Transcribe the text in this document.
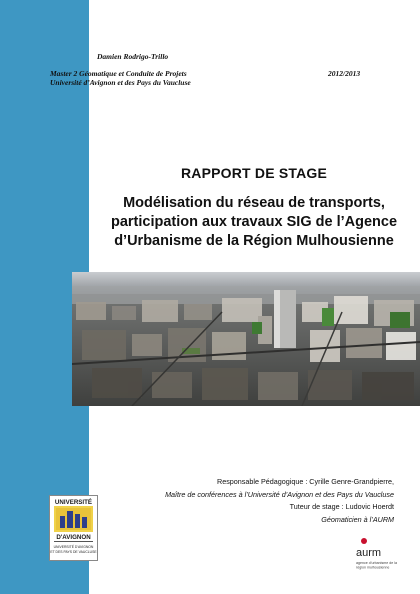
Damien Rodrigo-Trillo
Master 2 Géomatique et Conduite de Projets
Université d’Avignon et des Pays du Vaucluse
2012/2013
RAPPORT DE STAGE
Modélisation du réseau de transports,
participation aux travaux SIG de l’Agence
d’Urbanisme de la Région Mulhousienne
Responsable Pédagogique : Cyrille Genre-Grandpierre,
Maître de conférences à l’Université d’Avignon et des Pays du Vaucluse
Tuteur de stage : Ludovic Hoerdt
Géomaticien à l’AURM
UNIVERSITÉ
D'AVIGNON
UNIVERSITÉ D'AVIGNON
ET DES PAYS DE VAUCLUSE	aurm
agence d'urbanisme de la
région mulhousienne
